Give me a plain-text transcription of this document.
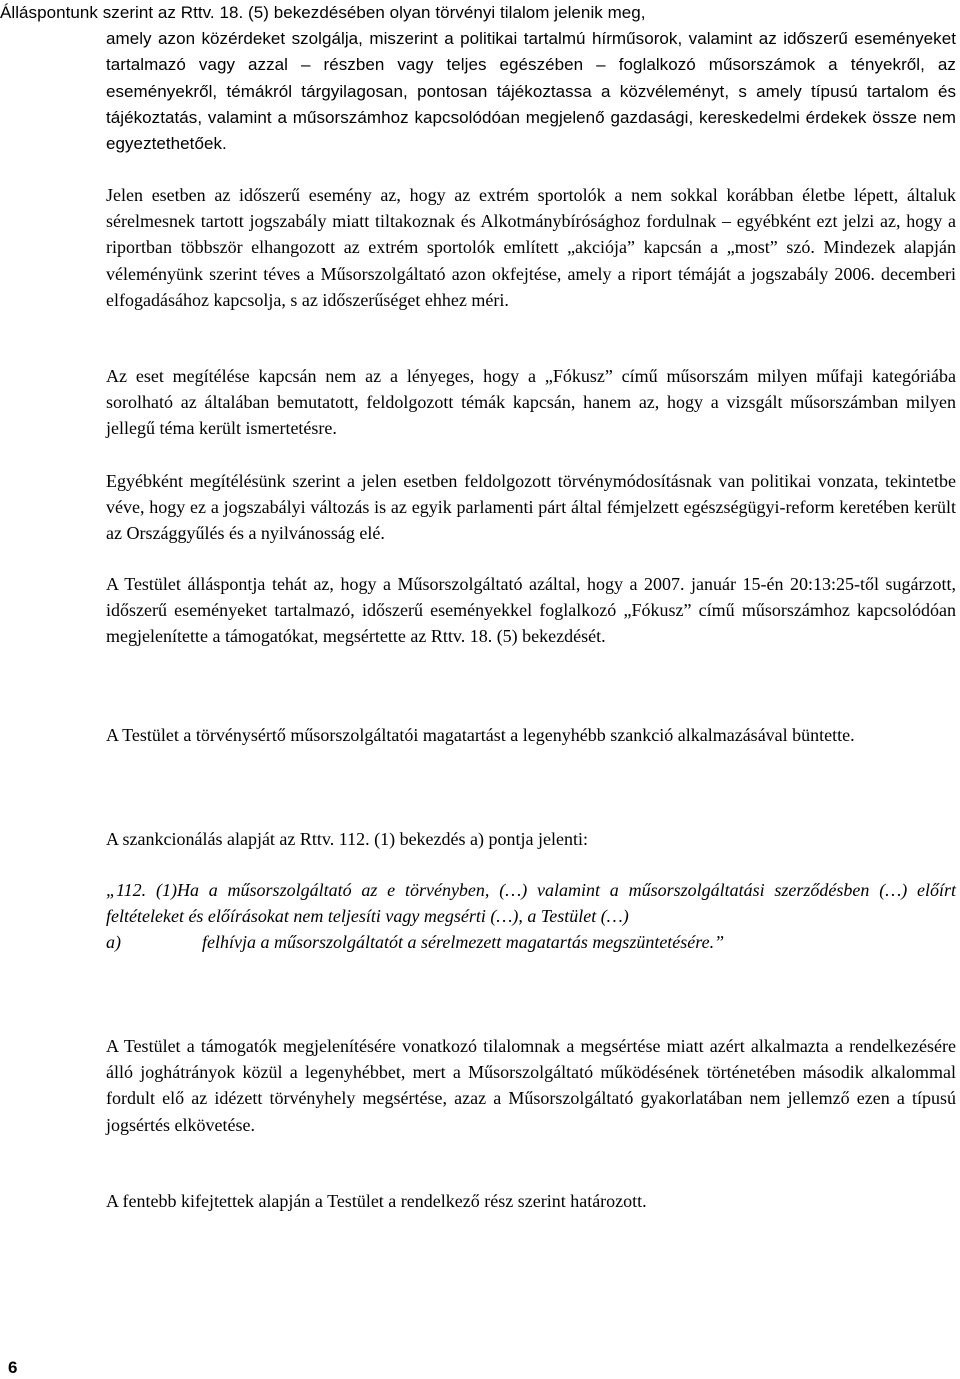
Álláspontunk szerint az Rttv. 18. (5) bekezdésében olyan törvényi tilalom jelenik meg,

amely azon közérdeket szolgálja, miszerint a politikai tartalmú hírműsorok, valamint az időszerű eseményeket tartalmazó vagy azzal – részben vagy teljes egészében – foglalkozó műsorszámok a tényekről, az eseményekről, témákról tárgyilagosan, pontosan tájékoztassa a közvéleményt, s amely típusú tartalom és tájékoztatás, valamint a műsorszámhoz kapcsolódóan megjelenő gazdasági, kereskedelmi érdekek össze nem egyeztethetőek.

Jelen esetben az időszerű esemény az, hogy az extrém sportolók a nem sokkal korábban életbe lépett, általuk sérelmesnek tartott jogszabály miatt tiltakoznak és Alkotmánybírósághoz fordulnak – egyébként ezt jelzi az, hogy a riportban többször elhangozott az extrém sportolók említett „akciója” kapcsán a „most” szó. Mindezek alapján véleményünk szerint téves a Műsorszolgáltató azon okfejtése, amely a riport témáját a jogszabály 2006. decemberi elfogadásához kapcsolja, s az időszerűséget ehhez méri.

Az eset megítélése kapcsán nem az a lényeges, hogy a „Fókusz” című műsorszám milyen műfaji kategóriába sorolható az általában bemutatott, feldolgozott témák kapcsán, hanem az, hogy a vizsgált műsorszámban milyen jellegű téma került ismertetésre.

Egyébként megítélésünk szerint a jelen esetben feldolgozott törvénymódosításnak van politikai vonzata, tekintetbe véve, hogy ez a jogszabályi változás is az egyik parlamenti párt által fémjelzett egészségügyi-reform keretében került az Országgyűlés és a nyilvánosság elé.

A Testület álláspontja tehát az, hogy a Műsorszolgáltató azáltal, hogy a 2007. január 15-én 20:13:25-től sugárzott, időszerű eseményeket tartalmazó, időszerű eseményekkel foglalkozó „Fókusz” című műsorszámhoz kapcsolódóan megjelenítette a támogatókat, megsértette az Rttv. 18. (5) bekezdését.

A Testület a törvénysértő műsorszolgáltatói magatartást a legenyhébb szankció alkalmazásával büntette.

A szankcionálás alapját az Rttv. 112. (1) bekezdés a) pontja jelenti:

„112. (1)Ha a műsorszolgáltató az e törvényben, (…) valamint a műsorszolgáltatási szerződésben (…) előírt feltételeket és előírásokat nem teljesíti vagy megsérti (…), a Testület (…)

a)	felhívja a műsorszolgáltatót a sérelmezett magatartás megszüntetésére.”

A Testület a támogatók megjelenítésére vonatkozó tilalomnak a megsértése miatt azért alkalmazta a rendelkezésére álló joghátrányok közül a legenyhébbet, mert a Műsorszolgáltató működésének történetében második alkalommal fordult elő az idézett törvényhely megsértése, azaz a Műsorszolgáltató gyakorlatában nem jellemző ezen a típusú jogsértés elkövetése.

A fentebb kifejtettek alapján a Testület a rendelkező rész szerint határozott.

6
